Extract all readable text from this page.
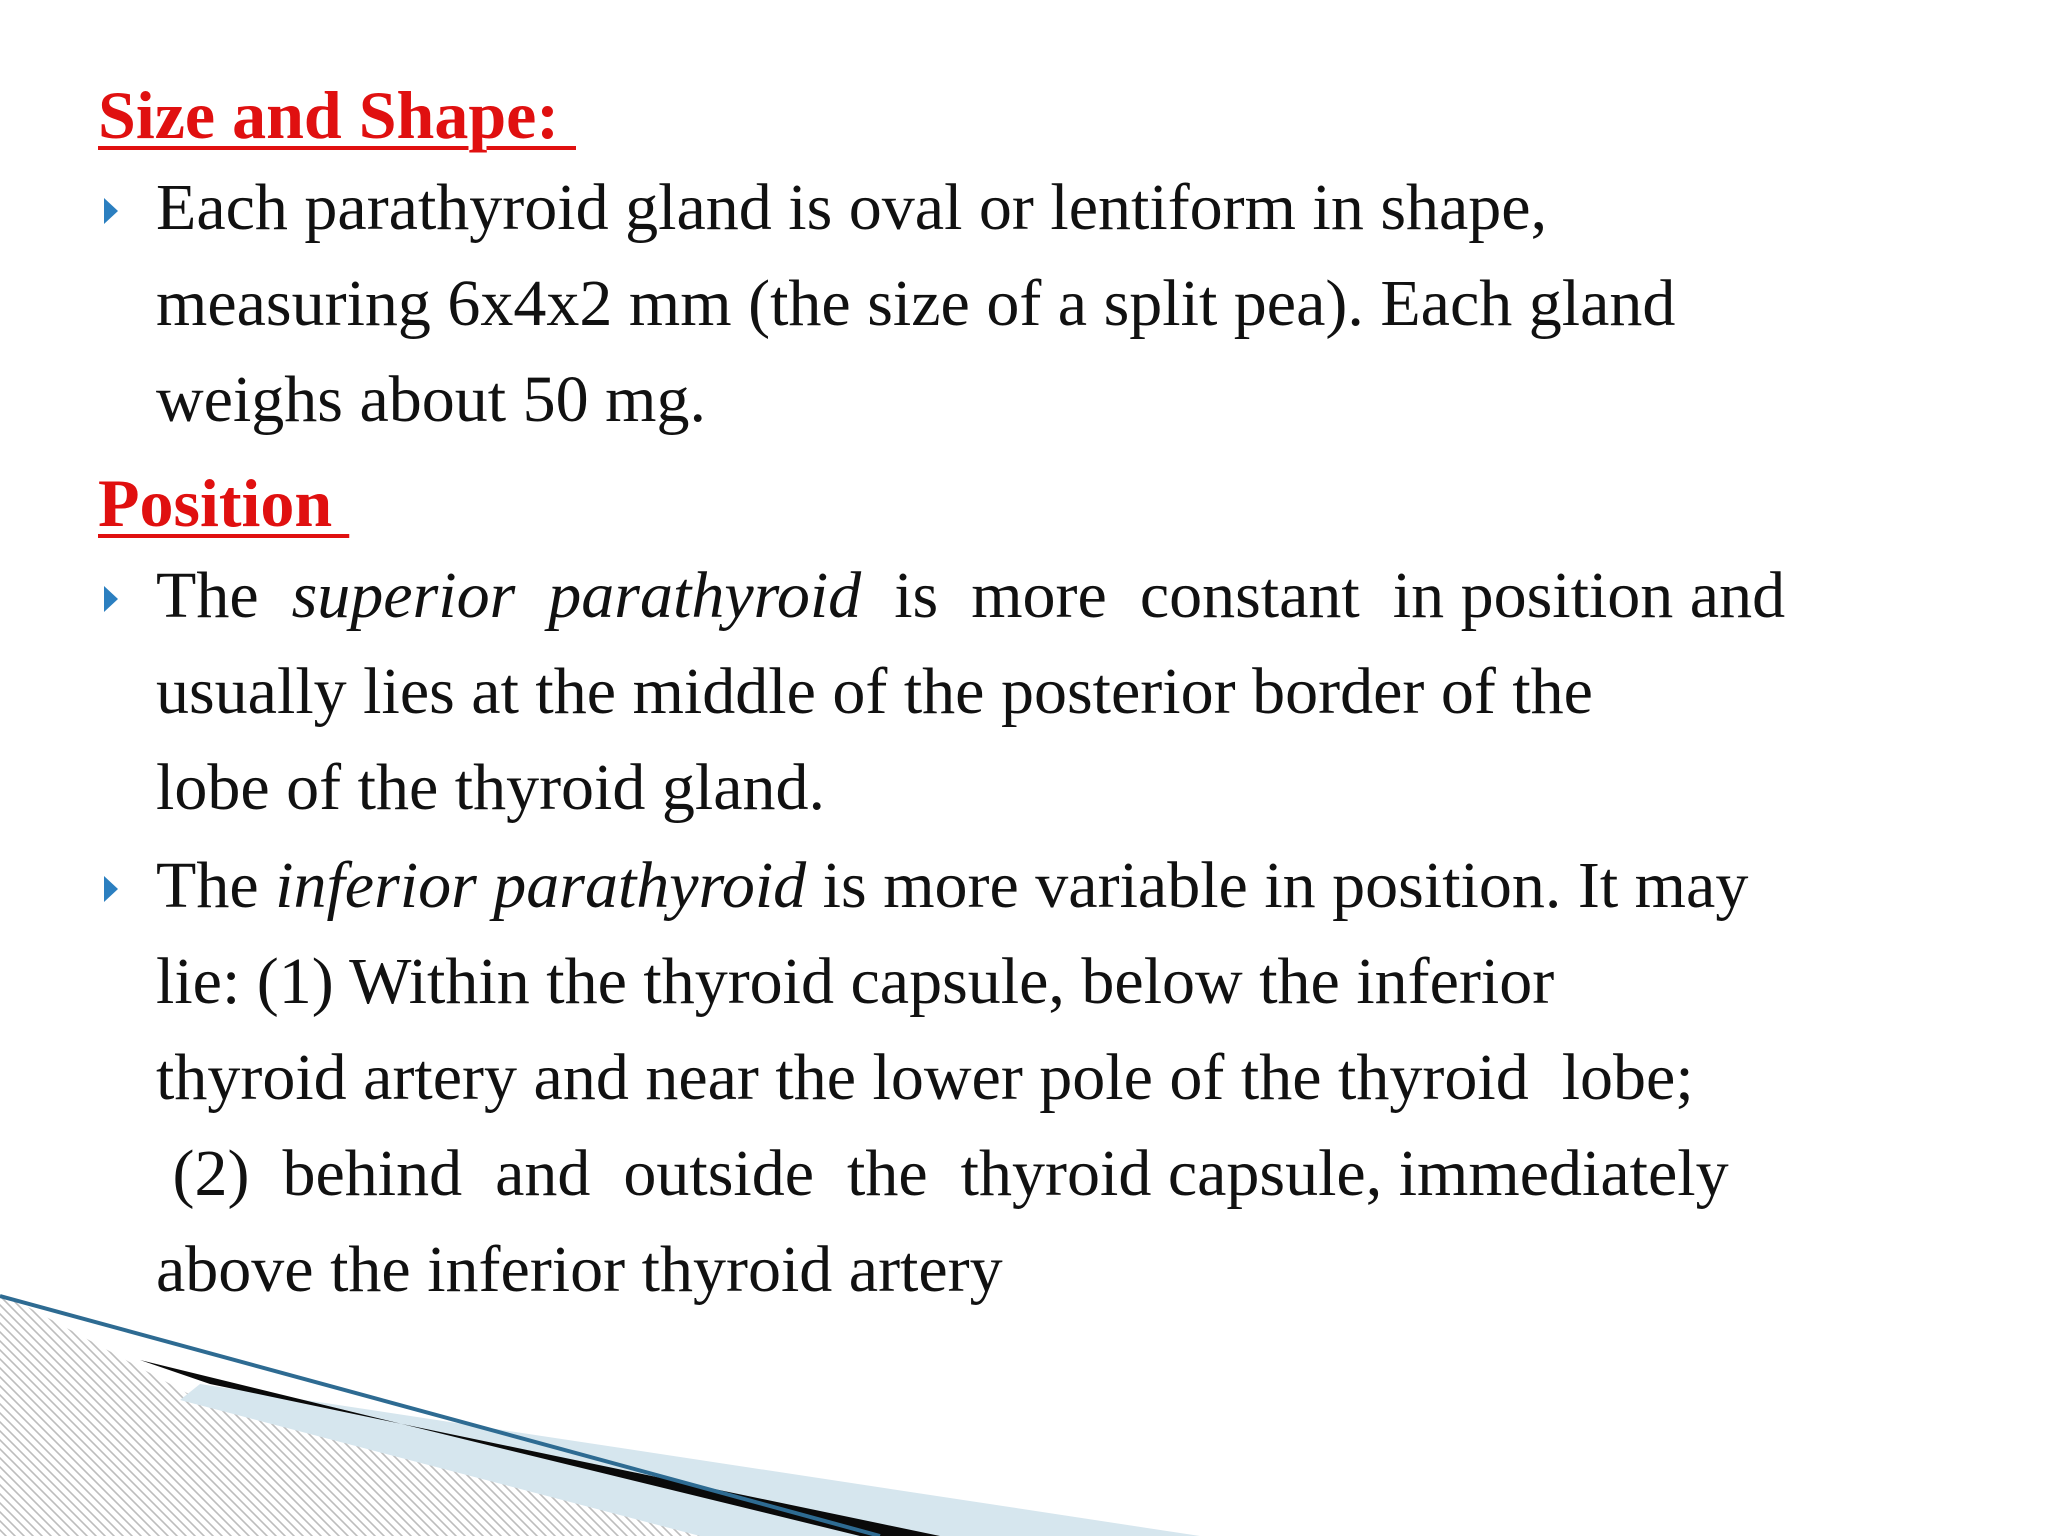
Size and Shape:

Each parathyroid gland is oval or lentiform in shape,
measuring 6x4x2 mm (the size of a split pea). Each gland
weighs about 50 mg.

Position

The  superior  parathyroid  is  more  constant  in position and
usually lies at the middle of the posterior border of the
lobe of the thyroid gland.
The inferior parathyroid is more variable in position. It may
lie: (1) Within the thyroid capsule, below the inferior
thyroid artery and near the lower pole of the thyroid  lobe;
(2)  behind  and  outside  the  thyroid capsule, immediately
above the inferior thyroid artery
